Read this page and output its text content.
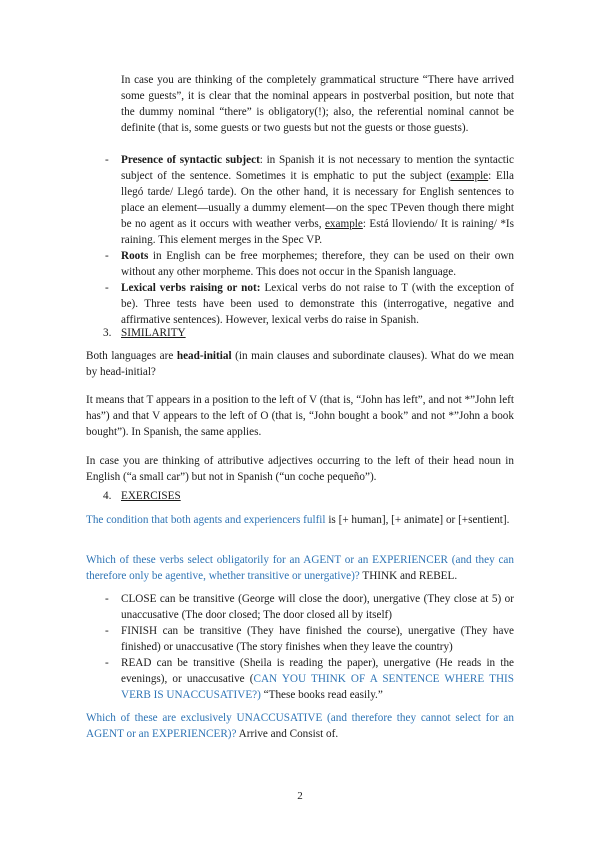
In case you are thinking of the completely grammatical structure “There have arrived some guests”, it is clear that the nominal appears in postverbal position, but note that the dummy nominal “there” is obligatory(!); also, the referential nominal cannot be definite (that is, some guests or two guests but not the guests or those guests).

- Presence of syntactic subject: in Spanish it is not necessary to mention the syntactic subject of the sentence. Sometimes it is emphatic to put the subject (example: Ella llegó tarde/ Llegó tarde). On the other hand, it is necessary for English sentences to place an element—usually a dummy element—on the spec TPeven though there might be no agent as it occurs with weather verbs, example: Está lloviendo/ It is raining/ *Is raining. This element merges in the Spec VP.
- Roots in English can be free morphemes; therefore, they can be used on their own without any other morpheme. This does not occur in the Spanish language.
- Lexical verbs raising or not: Lexical verbs do not raise to T (with the exception of be). Three tests have been used to demonstrate this (interrogative, negative and affirmative sentences). However, lexical verbs do raise in Spanish.

3. SIMILARITY

Both languages are head-initial (in main clauses and subordinate clauses). What do we mean by head-initial?

It means that T appears in a position to the left of V (that is, “John has left”, and not *”John left has”) and that V appears to the left of O (that is, “John bought a book” and not *”John a book bought”). In Spanish, the same applies.

In case you are thinking of attributive adjectives occurring to the left of their head noun in English (“a small car”) but not in Spanish (“un coche pequeño”).

4. EXERCISES

The condition that both agents and experiencers fulfil is [+ human], [+ animate] or [+sentient].

Which of these verbs select obligatorily for an AGENT or an EXPERIENCER (and they can therefore only be agentive, whether transitive or unergative)? THINK and REBEL.

- CLOSE can be transitive (George will close the door), unergative (They close at 5) or unaccusative (The door closed; The door closed all by itself)
- FINISH can be transitive (They have finished the course), unergative (They have finished) or unaccusative (The story finishes when they leave the country)
- READ can be transitive (Sheila is reading the paper), unergative (He reads in the evenings), or unaccusative (CAN YOU THINK OF A SENTENCE WHERE THIS VERB IS UNACCUSATIVE?) “These books read easily.”

Which of these are exclusively UNACCUSATIVE (and therefore they cannot select for an AGENT or an EXPERIENCER)? Arrive and Consist of.

2
